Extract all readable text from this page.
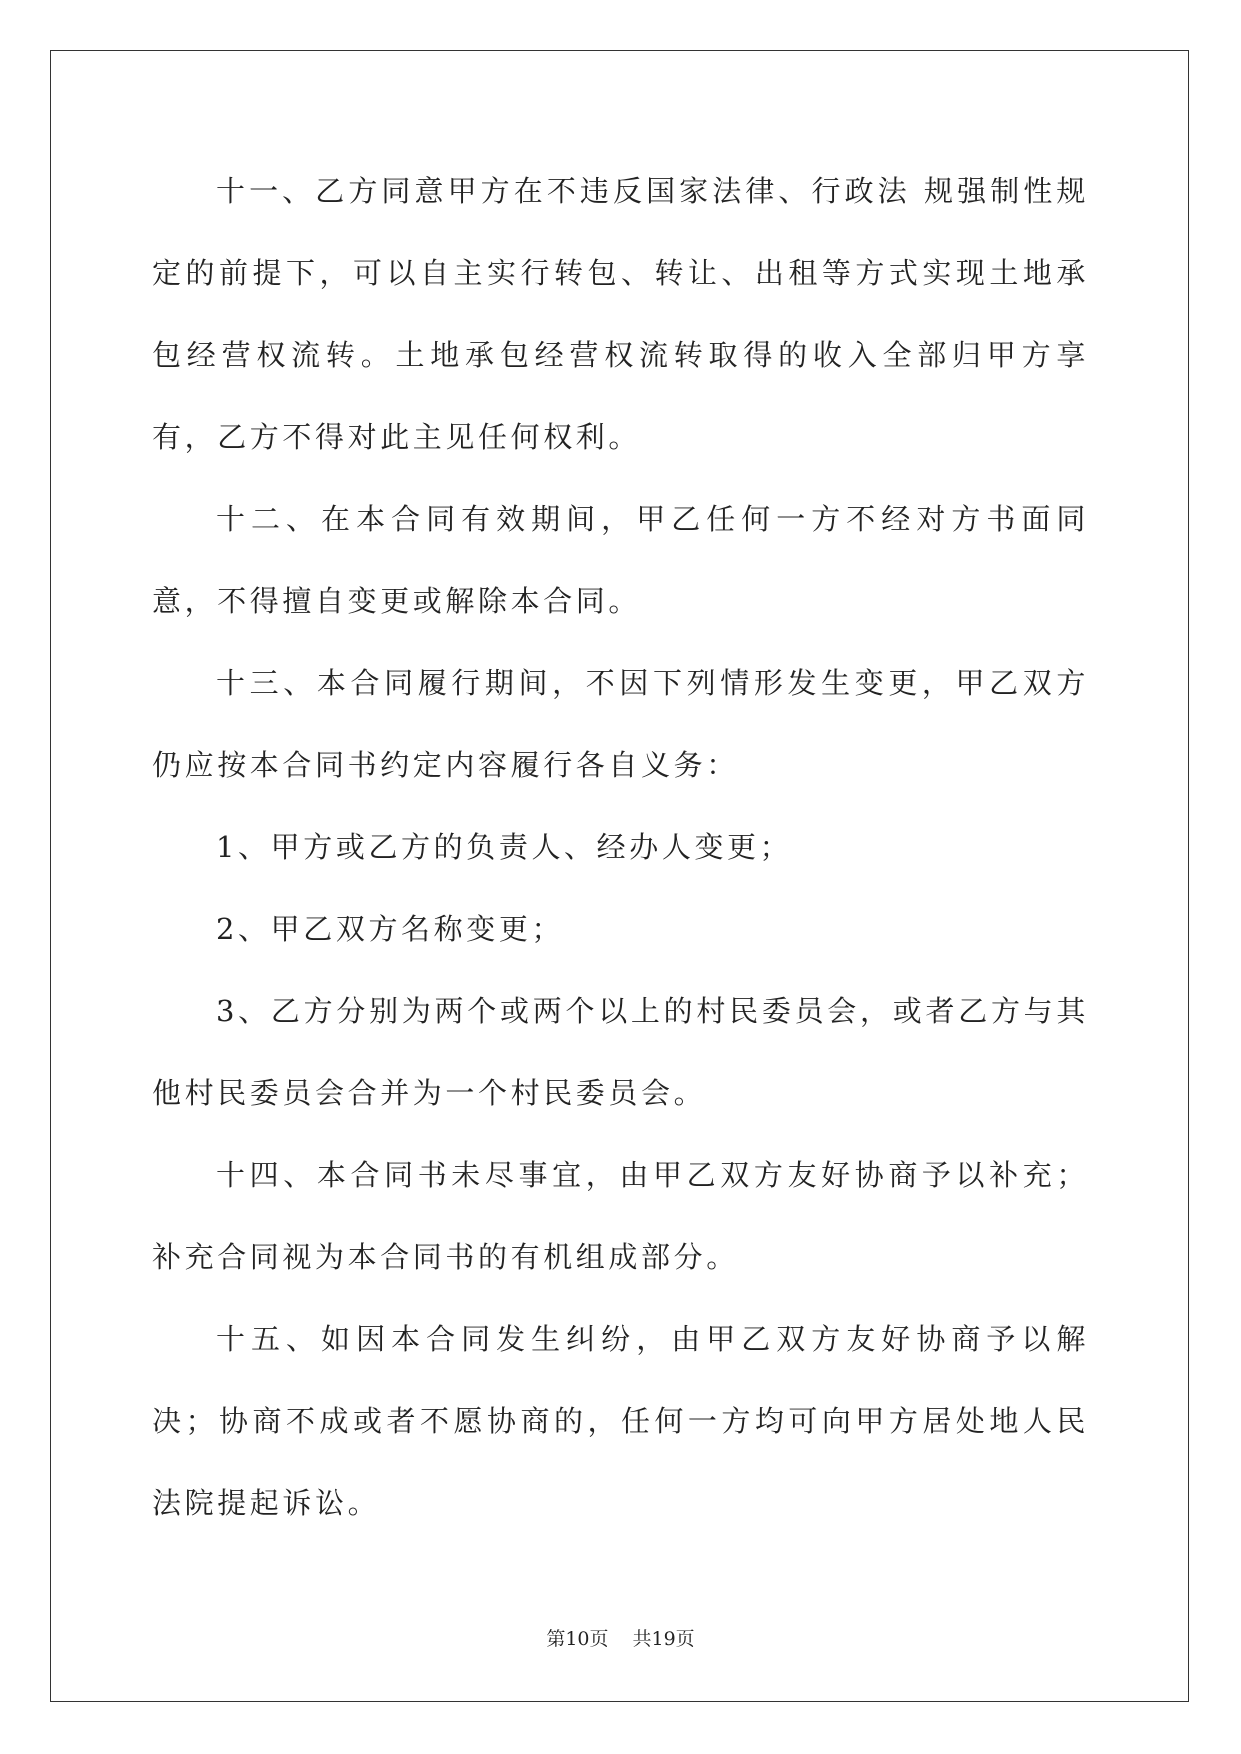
十一、乙方同意甲方在不违反国家法律、行政法 规强制性规定的前提下，可以自主实行转包、转让、出租等方式实现土地承包经营权流转。土地承包经营权流转取得的收入全部归甲方享有，乙方不得对此主见任何权利。

十二、在本合同有效期间，甲乙任何一方不经对方书面同意，不得擅自变更或解除本合同。

十三、本合同履行期间，不因下列情形发生变更，甲乙双方仍应按本合同书约定内容履行各自义务：

1、甲方或乙方的负责人、经办人变更；

2、甲乙双方名称变更；

3、乙方分别为两个或两个以上的村民委员会，或者乙方与其他村民委员会合并为一个村民委员会。

十四、本合同书未尽事宜，由甲乙双方友好协商予以补充；补充合同视为本合同书的有机组成部分。

十五、如因本合同发生纠纷，由甲乙双方友好协商予以解决；协商不成或者不愿协商的，任何一方均可向甲方居处地人民法院提起诉讼。

第10页 共19页
